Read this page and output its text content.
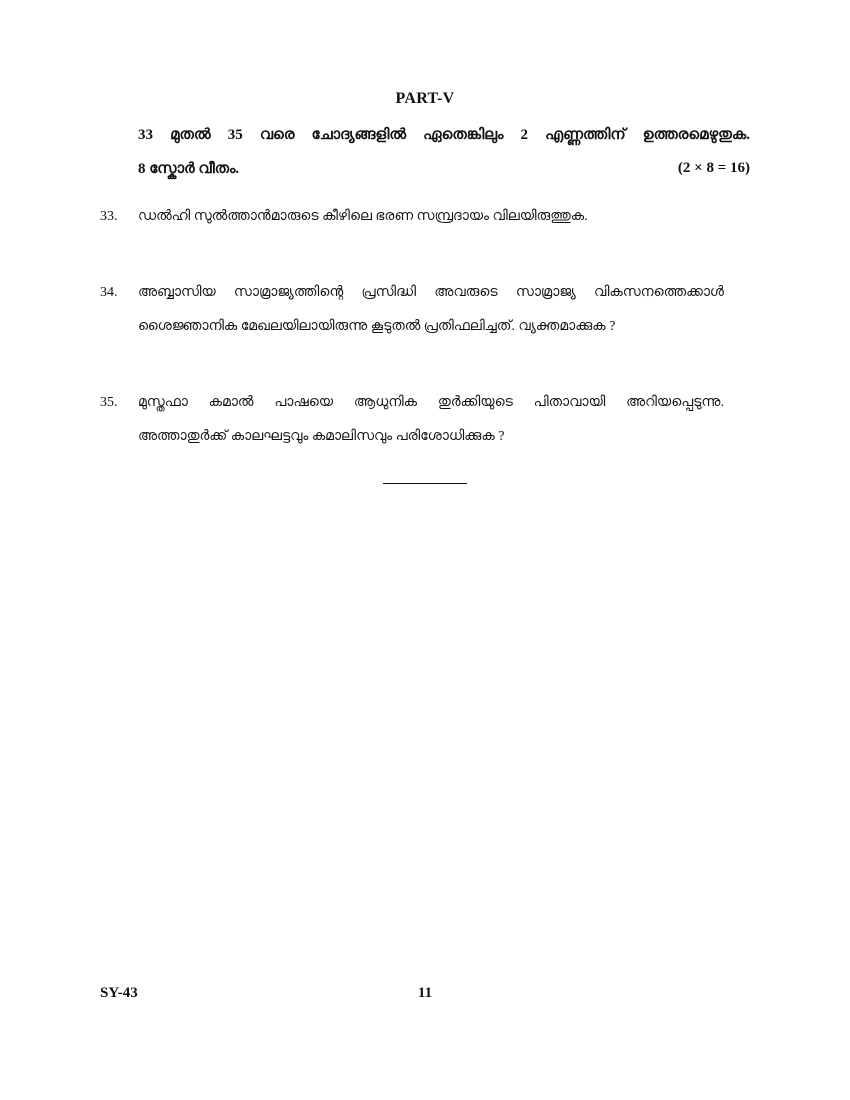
PART-V
33 മുതൽ 35 വരെ ചോദ്യങ്ങളിൽ ഏതെങ്കിലും 2 എണ്ണത്തിന് ഉത്തരമെഴുതുക.
8 സ്കോർ വീതം.	(2 × 8 = 16)
33.	ഡൽഹി സുൽത്താൻമാരുടെ കീഴിലെ ഭരണ സമ്പ്രദായം വിലയിരുത്തുക.
34.	അബ്ബാസിയ സാമ്രാജ്യത്തിന്റെ പ്രസിദ്ധി അവരുടെ സാമ്രാജ്യ വികസനത്തെക്കാൾ
ശൈജ്ഞാനിക മേഖലയിലായിരുന്നു കൂടുതൽ പ്രതിഫലിച്ചത്. വ്യക്തമാക്കുക ?
35.	മുസ്തഫാ കമാൽ പാഷയെ ആധുനിക തുർക്കിയുടെ പിതാവായി അറിയപ്പെടുന്നു.
അത്താതുർക്ക് കാലഘട്ടവും കമാലിസവും പരിശോധിക്കുക ?
SY-43	11
